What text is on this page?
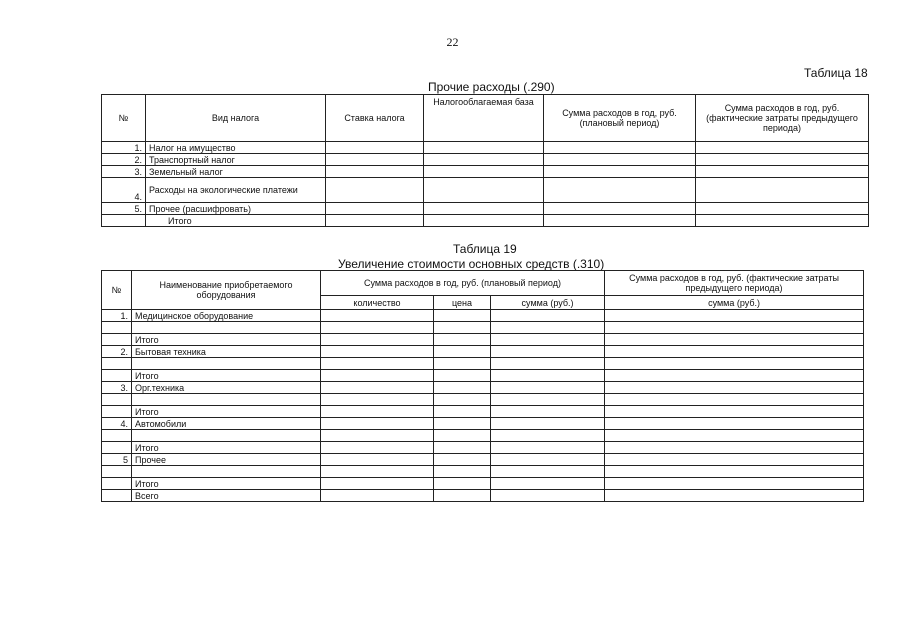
22
Таблица 18
Прочие расходы (.290)
№	Вид налога	Ставка налога	Налогооблагаемая база	Сумма расходов в год, руб. (плановый период)	Сумма расходов в год, руб. (фактические затраты предыдущего периода)
1.	Налог на имущество				
2.	Транспортный налог				
3.	Земельный налог				
4.	Расходы на экологические платежи				
5.	Прочее (расшифровать)				
	Итого				
Таблица 19
Увеличение стоимости основных средств (.310)
№	Наименование приобретаемого оборудования	Сумма расходов в год, руб. (плановый период)			Сумма расходов в год, руб. (фактические затраты предыдущего периода)
		количество	цена	сумма (руб.)	сумма (руб.)
1.	Медицинское оборудование				

	Итого				
2.	Бытовая техника				

	Итого				
3.	Орг.техника				

	Итого				
4.	Автомобили				

	Итого				
5	Прочее				

	Итого				
	Всего				
